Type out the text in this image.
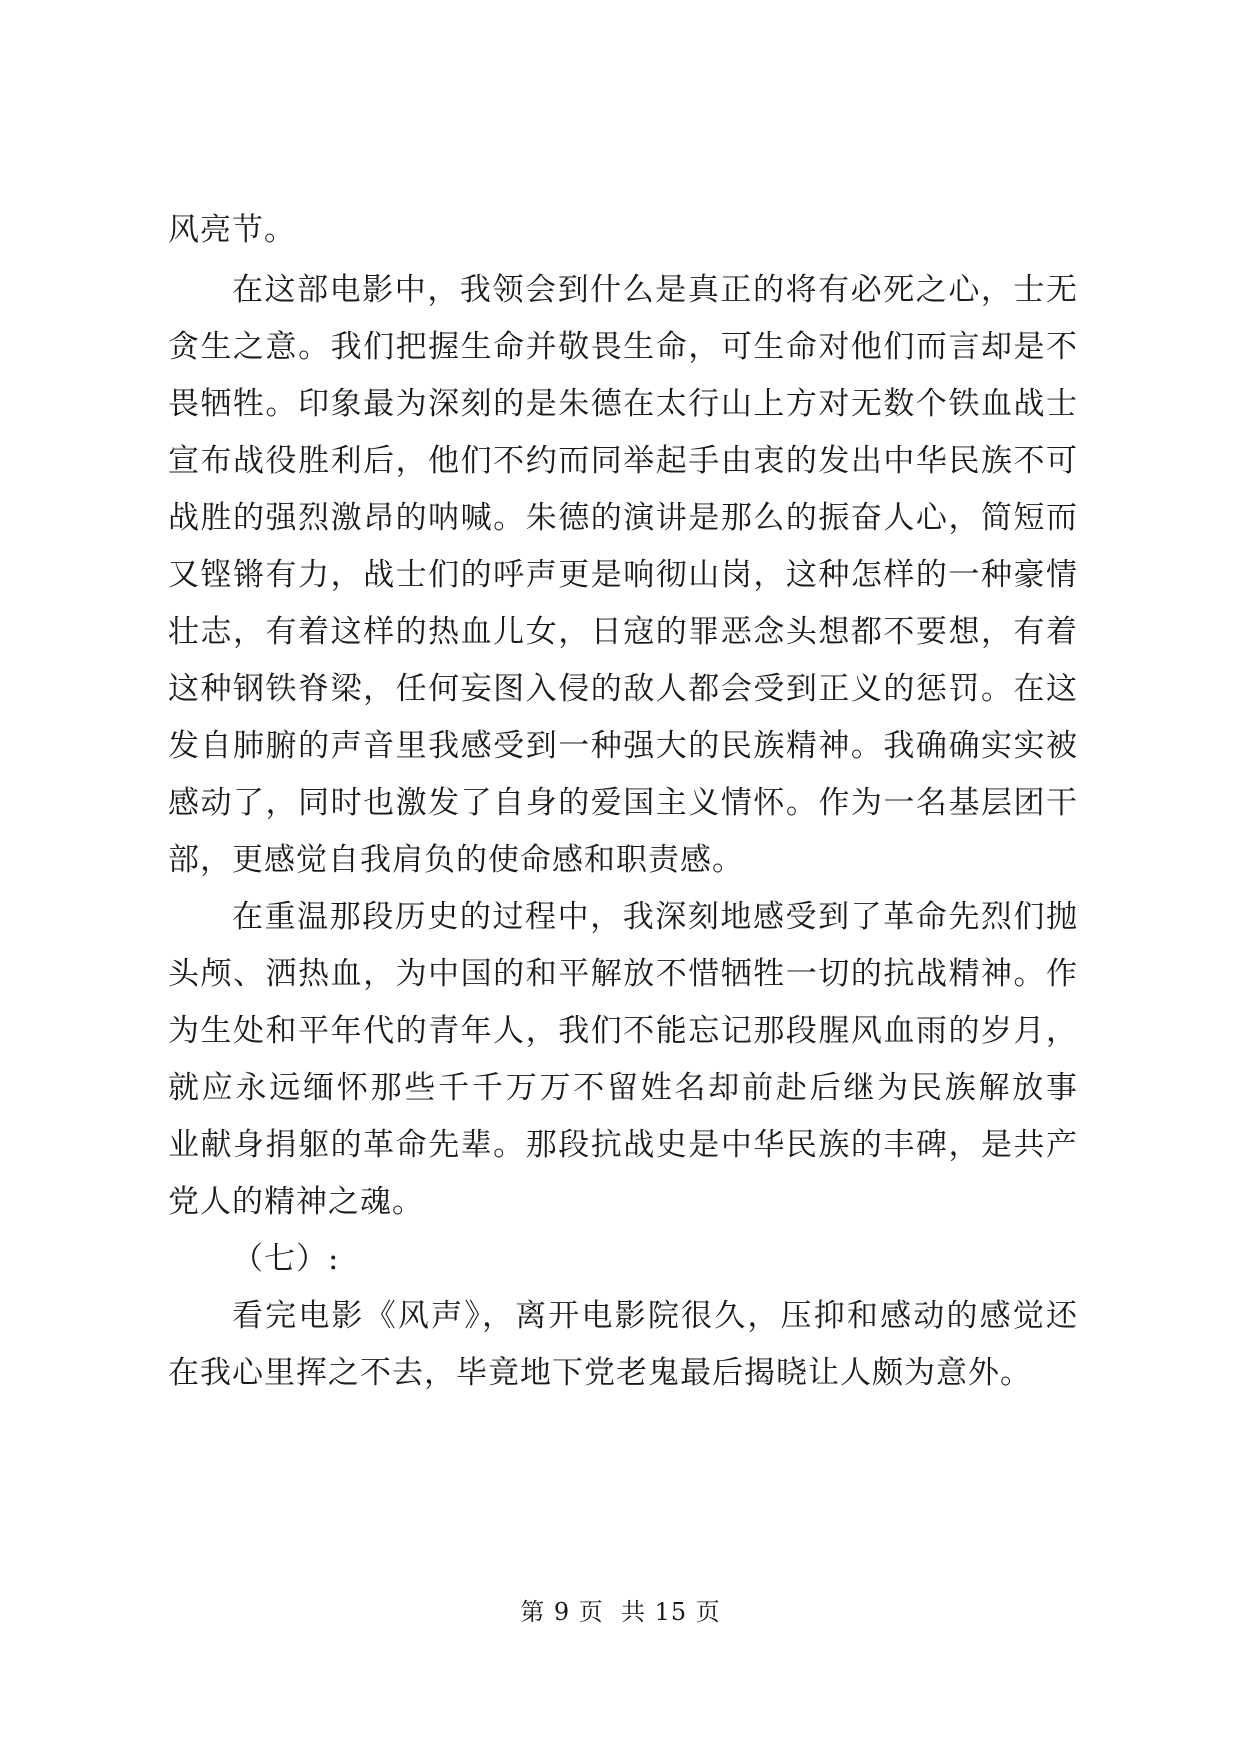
风亮节。
在这部电影中，我领会到什么是真正的将有必死之心，士无
贪生之意。我们把握生命并敬畏生命，可生命对他们而言却是不
畏牺牲。印象最为深刻的是朱德在太行山上方对无数个铁血战士
宣布战役胜利后，他们不约而同举起手由衷的发出中华民族不可
战胜的强烈激昂的呐喊。朱德的演讲是那么的振奋人心，简短而
又铿锵有力，战士们的呼声更是响彻山岗，这种怎样的一种豪情
壮志，有着这样的热血儿女，日寇的罪恶念头想都不要想，有着
这种钢铁脊梁，任何妄图入侵的敌人都会受到正义的惩罚。在这
发自肺腑的声音里我感受到一种强大的民族精神。我确确实实被
感动了，同时也激发了自身的爱国主义情怀。作为一名基层团干
部，更感觉自我肩负的使命感和职责感。
在重温那段历史的过程中，我深刻地感受到了革命先烈们抛
头颅、洒热血，为中国的和平解放不惜牺牲一切的抗战精神。作
为生处和平年代的青年人，我们不能忘记那段腥风血雨的岁月，
就应永远缅怀那些千千万万不留姓名却前赴后继为民族解放事
业献身捐躯的革命先辈。那段抗战史是中华民族的丰碑，是共产
党人的精神之魂。
（七）:
看完电影《风声》，离开电影院很久，压抑和感动的感觉还
在我心里挥之不去，毕竟地下党老鬼最后揭晓让人颇为意外。
第 9 页  共 15 页
